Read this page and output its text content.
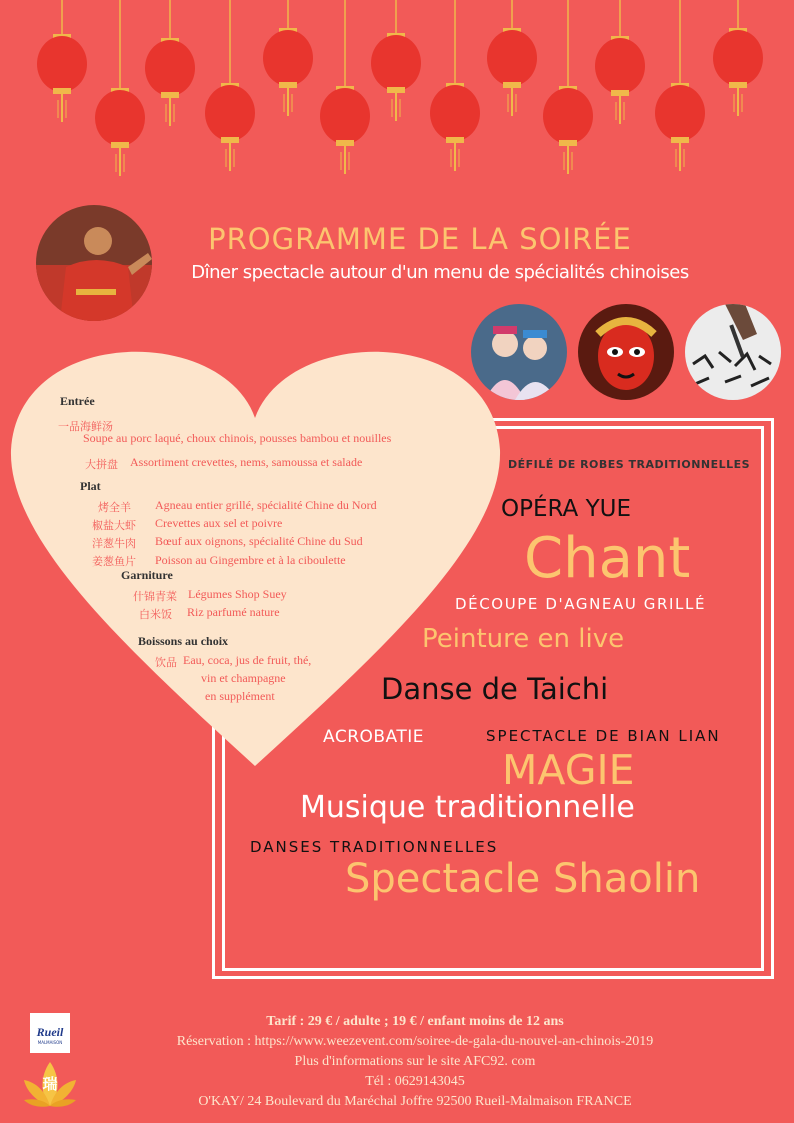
PROGRAMME DE LA SOIRÉE
Dîner spectacle autour d'un menu de spécialités chinoises
Entrée
一品海鲜汤
Soupe au porc laqué, choux chinois, pousses bambou et nouilles
大拼盘 Assortiment crevettes, nems, samoussa et salade
Plat
烤全羊 Agneau entier grillé, spécialité Chine du Nord
椒盐大虾 Crevettes aux sel et poivre
洋葱牛肉 Bœuf aux oignons, spécialité Chine du Sud
姜葱鱼片 Poisson au Gingembre et à la ciboulette
Garniture
什锦青菜 Légumes Shop Suey
白米饭 Riz parfumé nature
Boissons au choix
饮品 Eau, coca, jus de fruit, thé,
vin et champagne
en supplément
DÉFILÉ DE ROBES TRADITIONNELLES
OPÉRA YUE
Chant
DÉCOUPE D'AGNEAU GRILLÉ
Peinture en live
Danse de Taichi
ACROBATIE	SPECTACLE DE BIAN LIAN
MAGIE
Musique traditionnelle
DANSES TRADITIONNELLES
Spectacle Shaolin
Rueil
MALMAISON
瑞
Tarif : 29 € / adulte ; 19 € / enfant moins de 12 ans
Réservation : https://www.weezevent.com/soiree-de-gala-du-nouvel-an-chinois-2019
Plus d'informations sur le site AFC92. com
Tél : 0629143045
O'KAY/ 24 Boulevard du Maréchal Joffre 92500 Rueil-Malmaison FRANCE
